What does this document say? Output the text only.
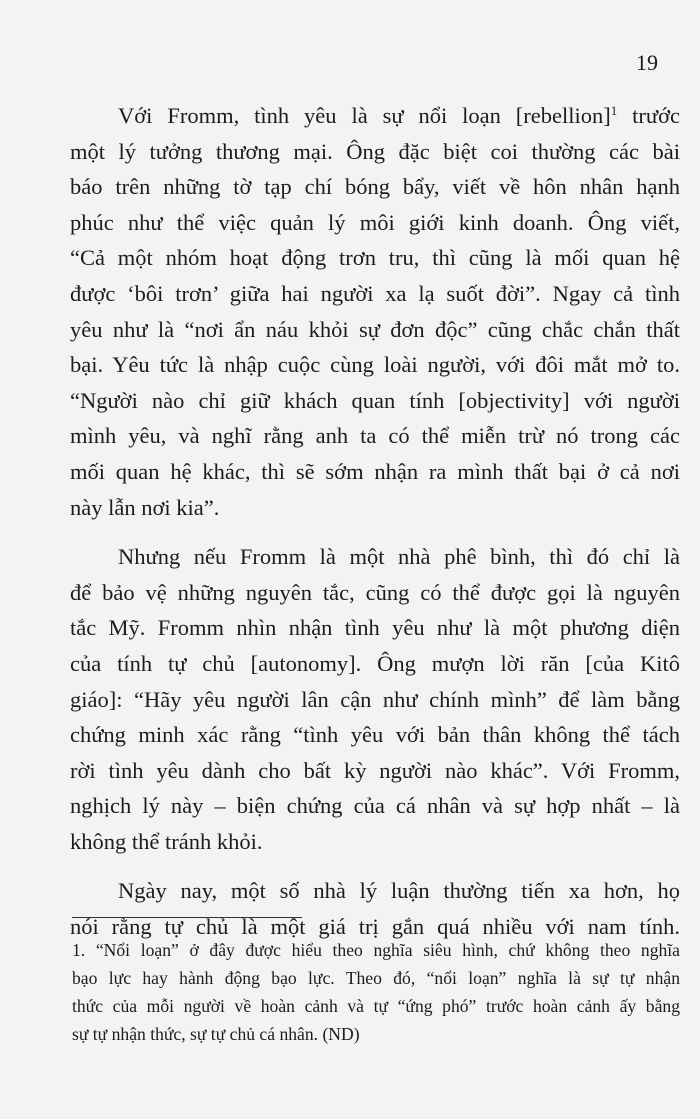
19
Với Fromm, tình yêu là sự nổi loạn [rebellion]$^1$ trước
một lý tưởng thương mại. Ông đặc biệt coi thường các bài
báo trên những tờ tạp chí bóng bẩy, viết về hôn nhân hạnh
phúc như thể việc quản lý môi giới kinh doanh. Ông viết,
“Cả một nhóm hoạt động trơn tru, thì cũng là mối quan hệ
được ‘bôi trơn’ giữa hai người xa lạ suốt đời”. Ngay cả tình
yêu như là “nơi ẩn náu khỏi sự đơn độc” cũng chắc chắn thất
bại. Yêu tức là nhập cuộc cùng loài người, với đôi mắt mở to.
“Người nào chỉ giữ khách quan tính [objectivity] với người
mình yêu, và nghĩ rằng anh ta có thể miễn trừ nó trong các
mối quan hệ khác, thì sẽ sớm nhận ra mình thất bại ở cả nơi
này lẫn nơi kia”.
Nhưng nếu Fromm là một nhà phê bình, thì đó chỉ là
để bảo vệ những nguyên tắc, cũng có thể được gọi là nguyên
tắc Mỹ. Fromm nhìn nhận tình yêu như là một phương diện
của tính tự chủ [autonomy]. Ông mượn lời răn [của Kitô
giáo]: “Hãy yêu người lân cận như chính mình” để làm bằng
chứng minh xác rằng “tình yêu với bản thân không thể tách
rời tình yêu dành cho bất kỳ người nào khác”. Với Fromm,
nghịch lý này – biện chứng của cá nhân và sự hợp nhất – là
không thể tránh khỏi.
Ngày nay, một số nhà lý luận thường tiến xa hơn, họ
nói rằng tự chủ là một giá trị gắn quá nhiều với nam tính.
1. “Nổi loạn” ở đây được hiểu theo nghĩa siêu hình, chứ không theo nghĩa
bạo lực hay hành động bạo lực. Theo đó, “nổi loạn” nghĩa là sự tự nhận
thức của mỗi người về hoàn cảnh và tự “ứng phó” trước hoàn cảnh ấy bằng
sự tự nhận thức, sự tự chủ cá nhân. (ND)
